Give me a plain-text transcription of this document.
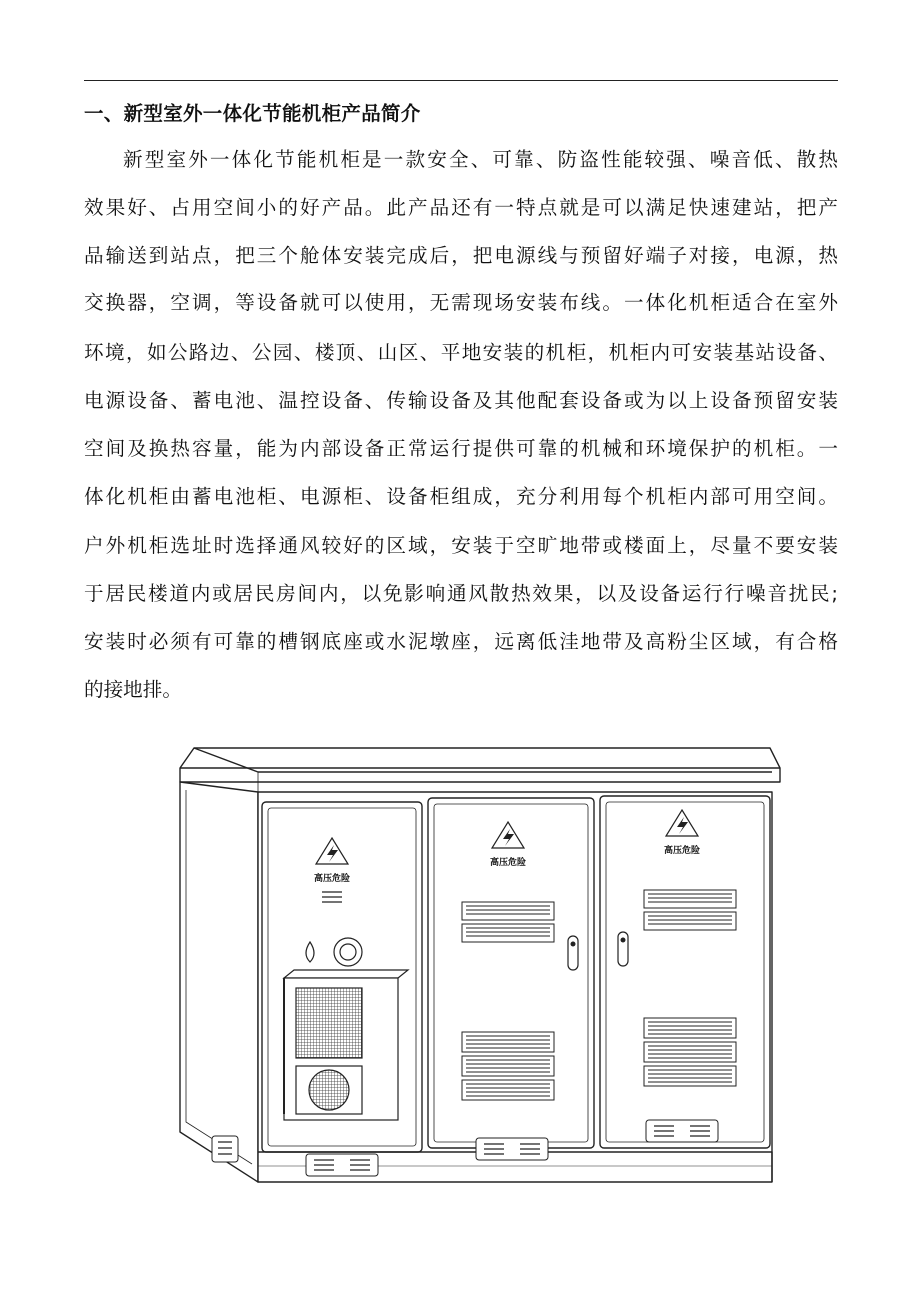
一、新型室外一体化节能机柜产品简介
新型室外一体化节能机柜是一款安全、可靠、防盗性能较强、噪音低、散热
效果好、占用空间小的好产品。此产品还有一特点就是可以满足快速建站，把产
品输送到站点，把三个舱体安装完成后，把电源线与预留好端子对接，电源，热
交换器，空调，等设备就可以使用，无需现场安装布线。一体化机柜适合在室外
环境，如公路边、公园、楼顶、山区、平地安装的机柜，机柜内可安装基站设备、
电源设备、蓄电池、温控设备、传输设备及其他配套设备或为以上设备预留安装
空间及换热容量，能为内部设备正常运行提供可靠的机械和环境保护的机柜。一
体化机柜由蓄电池柜、电源柜、设备柜组成，充分利用每个机柜内部可用空间。
户外机柜选址时选择通风较好的区域，安装于空旷地带或楼面上，尽量不要安装
于居民楼道内或居民房间内，以免影响通风散热效果，以及设备运行行噪音扰民;
安装时必须有可靠的槽钢底座或水泥墩座，远离低洼地带及高粉尘区域，有合格
的接地排。
高压危险
高压危险
高压危险
